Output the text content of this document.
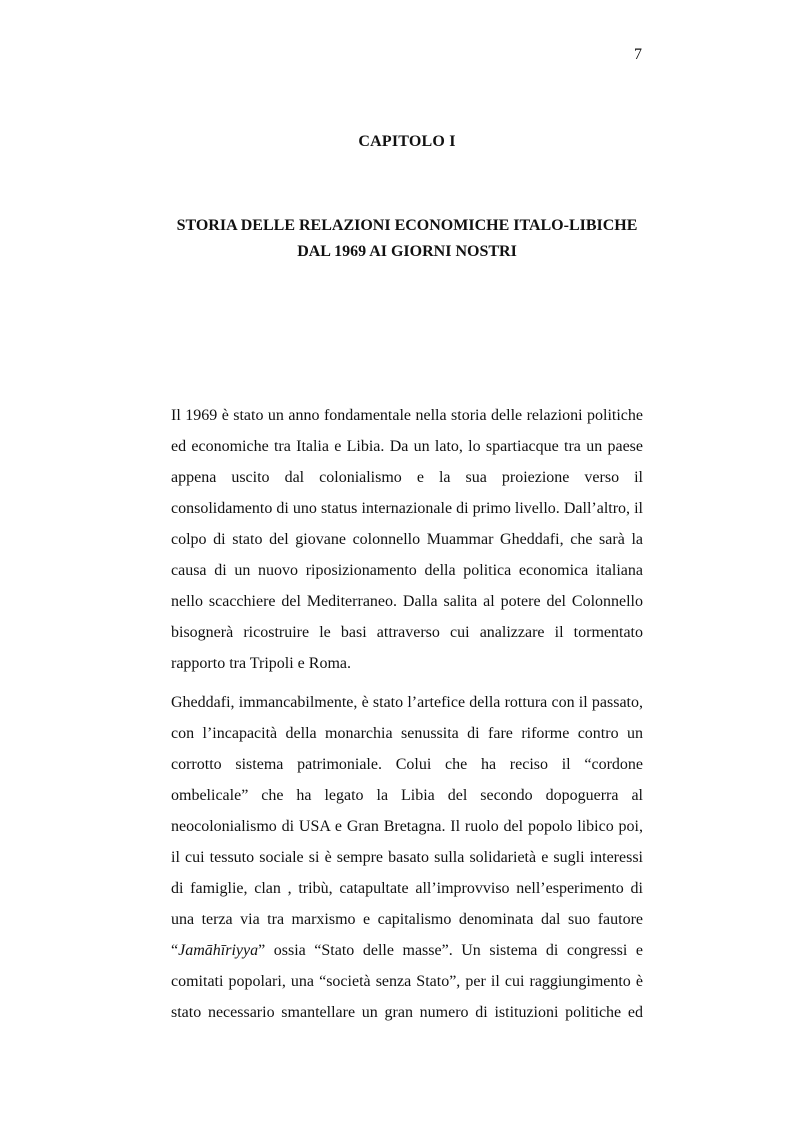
7
CAPITOLO I
STORIA DELLE RELAZIONI ECONOMICHE ITALO-LIBICHE
DAL 1969 AI GIORNI NOSTRI
Il 1969 è stato un anno fondamentale nella storia delle relazioni politiche
ed economiche tra Italia e Libia. Da un lato, lo spartiacque tra un paese
appena uscito dal colonialismo e la sua proiezione verso il
consolidamento di uno status internazionale di primo livello. Dall’altro, il
colpo di stato del giovane colonnello Muammar Gheddafi, che sarà la
causa di un nuovo riposizionamento della politica economica italiana
nello scacchiere del Mediterraneo. Dalla salita al potere del Colonnello
bisognerà ricostruire le basi attraverso cui analizzare il tormentato
rapporto tra Tripoli e Roma.
Gheddafi, immancabilmente, è stato l’artefice della rottura con il passato,
con l’incapacità della monarchia senussita di fare riforme contro un
corrotto sistema patrimoniale. Colui che ha reciso il “cordone
ombelicale” che ha legato la Libia del secondo dopoguerra al
neocolonialismo di USA e Gran Bretagna. Il ruolo del popolo libico poi,
il cui tessuto sociale si è sempre basato sulla solidarietà e sugli interessi
di famiglie, clan , tribù, catapultate all’improvviso nell’esperimento di
una terza via tra marxismo e capitalismo denominata dal suo fautore
“Jamāhīriyya” ossia “Stato delle masse”. Un sistema di congressi e
comitati popolari, una “società senza Stato”, per il cui raggiungimento è
stato necessario smantellare un gran numero di istituzioni politiche ed
